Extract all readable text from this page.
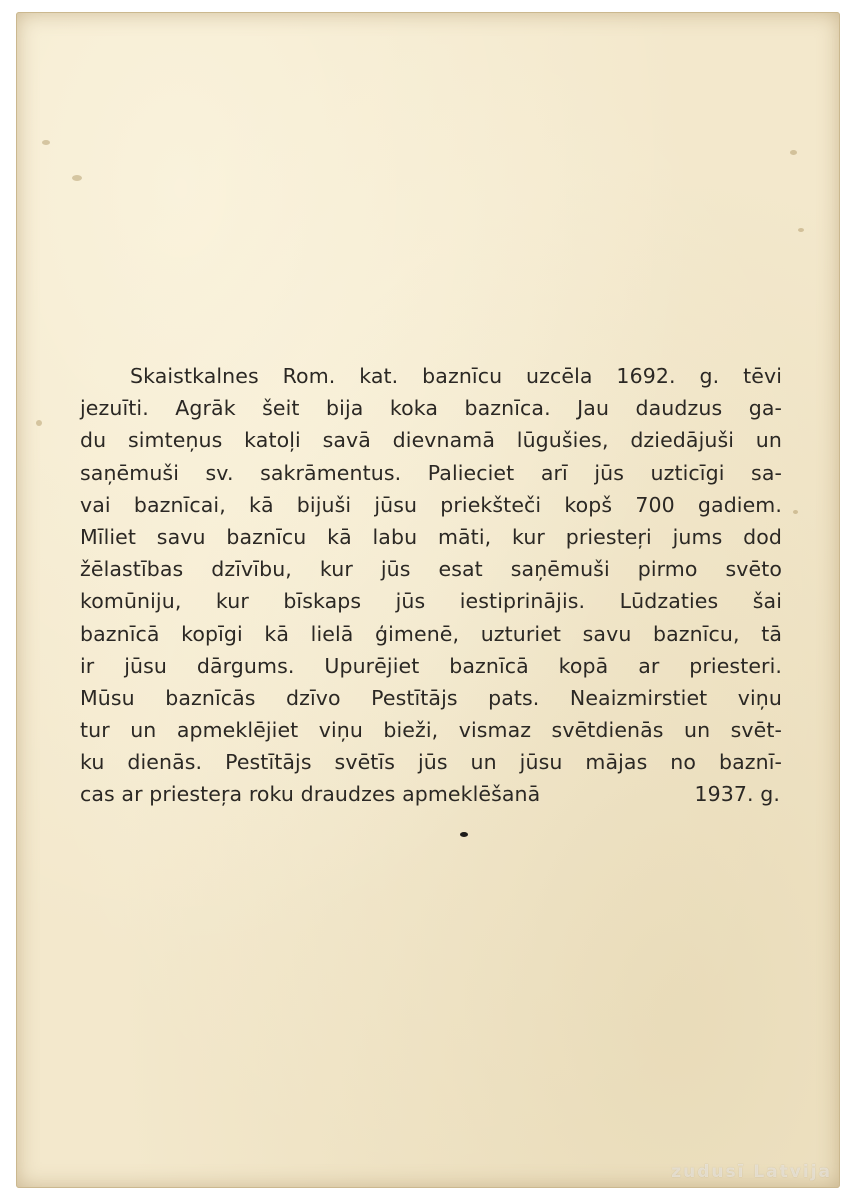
Skaistkalnes Rom. kat. baznīcu uzcēla 1692. g. tēvi
jezuīti. Agrāk šeit bija koka baznīca. Jau daudzus ga-
du simteņus katoļi savā dievnamā lūgušies, dziedājuši un
saņēmuši sv. sakrāmentus. Palieciet arī jūs uzticīgi sa-
vai baznīcai, kā bijuši jūsu priekšteči kopš 700 gadiem.
Mīliet savu baznīcu kā labu māti, kur priesteŗi jums dod
žēlastības dzīvību, kur jūs esat saņēmuši pirmo svēto
komūniju, kur bīskaps jūs iestiprinājis. Lūdzaties šai
baznīcā kopīgi kā lielā ģimenē, uzturiet savu baznīcu, tā
ir jūsu dārgums. Upurējiet baznīcā kopā ar priesteri.
Mūsu baznīcās dzīvo Pestītājs pats. Neaizmirstiet viņu
tur un apmeklējiet viņu bieži, vismaz svētdienās un svēt-
ku dienās. Pestītājs svētīs jūs un jūsu mājas no baznī-
cas ar priesteŗa roku draudzes apmeklēšanā	1937. g.
zudusī Latvija
